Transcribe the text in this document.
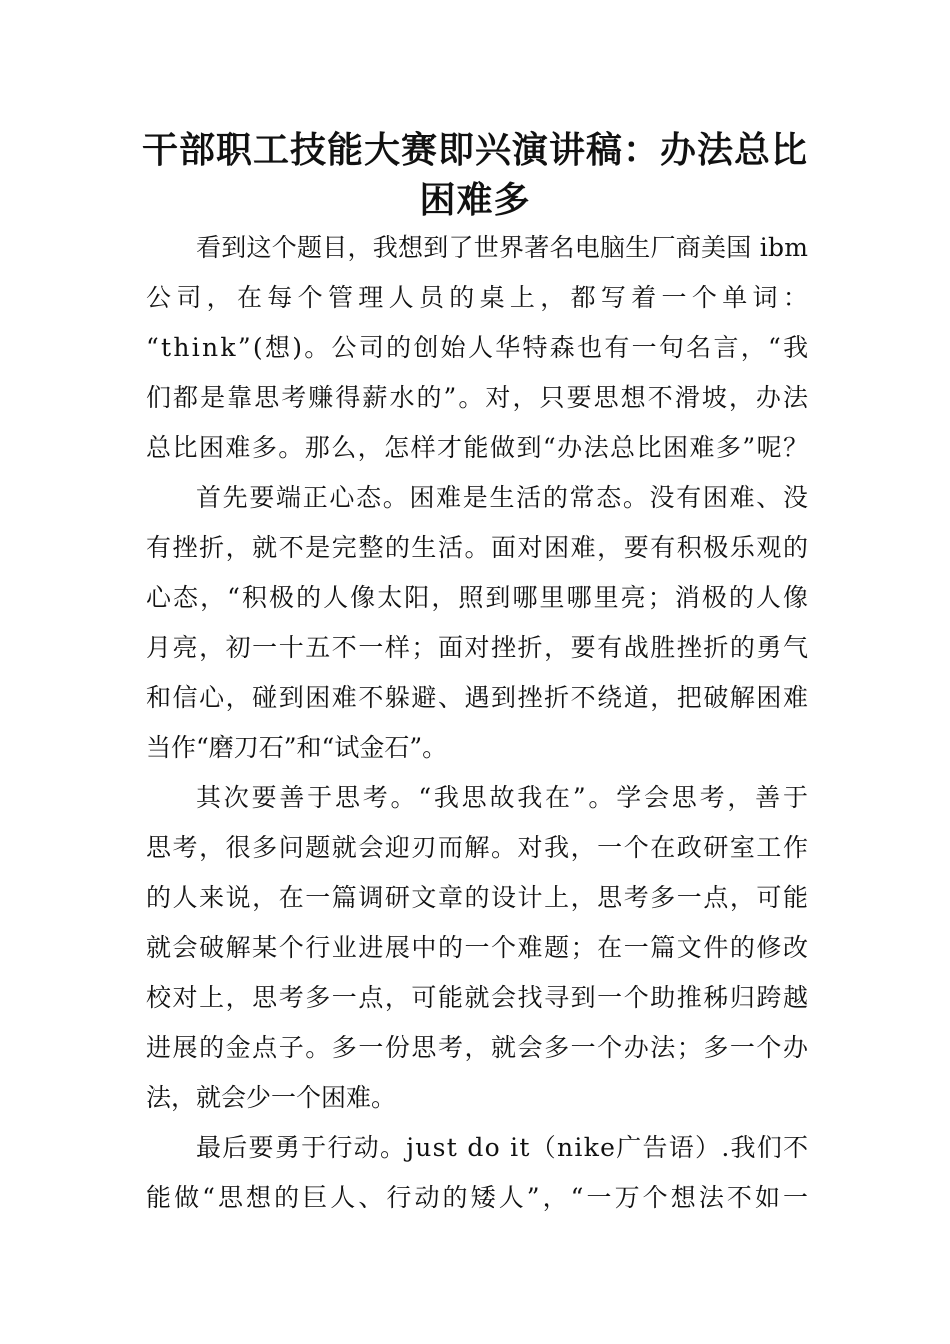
干部职工技能大赛即兴演讲稿：办法总比
困难多
看到这个题目，我想到了世界著名电脑生厂商美国 ibm
公 司 ， 在 每 个 管 理 人 员 的 桌 上 ， 都 写 着 一 个 单 词 ：
“think”(想)。公司的创始人华特森也有一句名言，“我
们都是靠思考赚得薪水的”。对，只要思想不滑坡，办法
总比困难多。那么，怎样才能做到“办法总比困难多”呢？
首先要端正心态。困难是生活的常态。没有困难、没
有挫折，就不是完整的生活。面对困难，要有积极乐观的
心态，“积极的人像太阳，照到哪里哪里亮；消极的人像
月亮，初一十五不一样；面对挫折，要有战胜挫折的勇气
和信心，碰到困难不躲避、遇到挫折不绕道，把破解困难
当作“磨刀石”和“试金石”。
其次要善于思考。“我思故我在”。学会思考，善于
思考，很多问题就会迎刃而解。对我，一个在政研室工作
的人来说，在一篇调研文章的设计上，思考多一点，可能
就会破解某个行业进展中的一个难题；在一篇文件的修改
校对上，思考多一点，可能就会找寻到一个助推秭归跨越
进展的金点子。多一份思考，就会多一个办法；多一个办
法，就会少一个困难。
最后要勇于行动。just do it（nike广告语）.我们不
能做“思想的巨人、行动的矮人”，“一万个想法不如一
